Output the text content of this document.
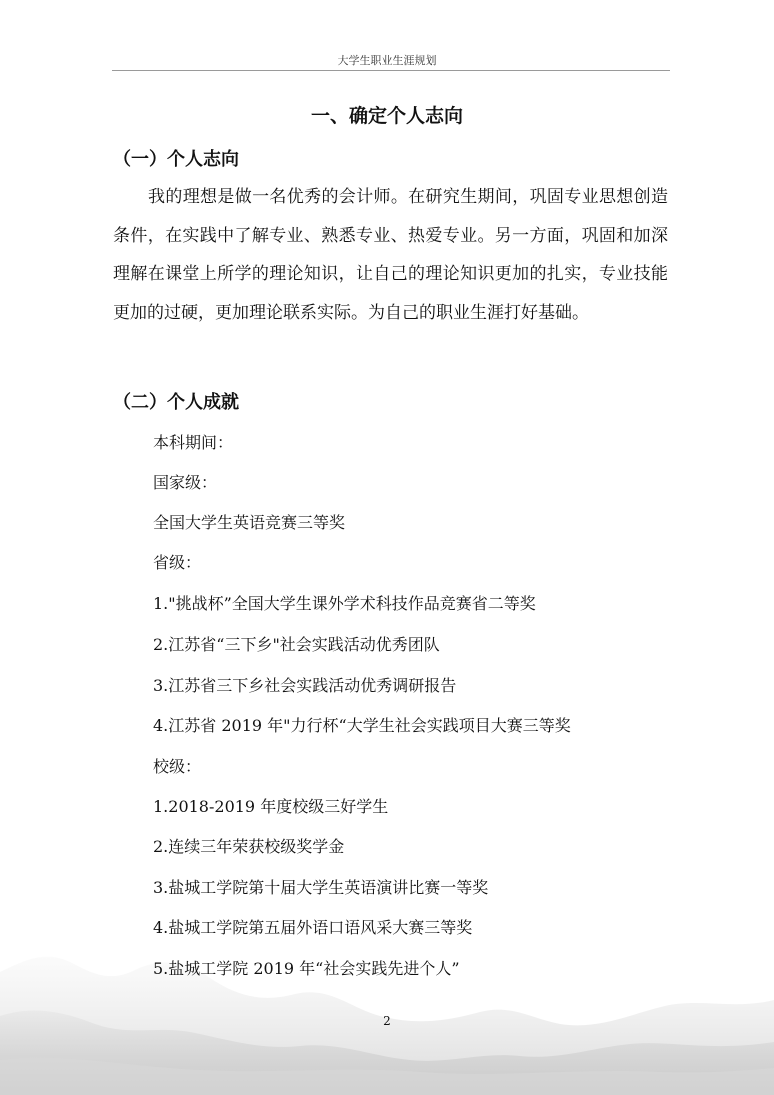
大学生职业生涯规划
一、确定个人志向
（一）个人志向

我的理想是做一名优秀的会计师。在研究生期间，巩固专业思想创造条件，在实践中了解专业、熟悉专业、热爱专业。另一方面，巩固和加深理解在课堂上所学的理论知识，让自己的理论知识更加的扎实，专业技能更加的过硬，更加理论联系实际。为自己的职业生涯打好基础。

（二）个人成就
本科期间：
国家级：
全国大学生英语竞赛三等奖
省级：
1."挑战杯”全国大学生课外学术科技作品竞赛省二等奖
2.江苏省“三下乡"社会实践活动优秀团队
3.江苏省三下乡社会实践活动优秀调研报告
4.江苏省 2019 年"力行杯“大学生社会实践项目大赛三等奖
校级：
1.2018-2019 年度校级三好学生
2.连续三年荣获校级奖学金
3.盐城工学院第十届大学生英语演讲比赛一等奖
4.盐城工学院第五届外语口语风采大赛三等奖
5.盐城工学院 2019 年“社会实践先进个人”
2
